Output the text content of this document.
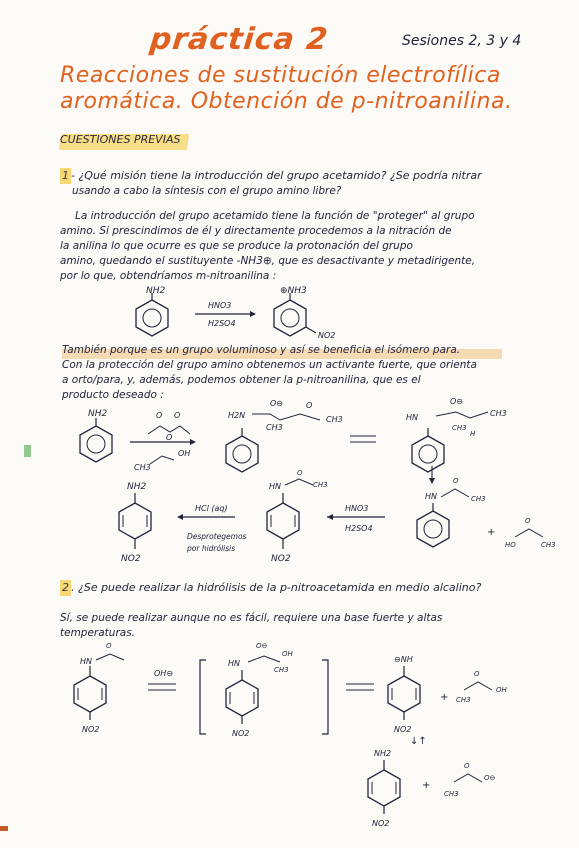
práctica 2	Sesiones 2, 3 y 4
Reacciones de sustitución electrofílica
aromática. Obtención de p-nitroanilina.
CUESTIONES PREVIAS
1 - ¿Qué misión tiene la introducción del grupo acetamido? ¿Se podría nitrar
usando a cabo la síntesis con el grupo amino libre?
La introducción del grupo acetamido tiene la función de "proteger" al grupo
amino. Si prescindimos de él y directamente procedemos a la nitración de
la anilina lo que ocurre es que se produce la protonación del grupo
amino, quedando el sustituyente -NH3⊕, que es desactivante y metadirigente,
por lo que, obtendríamos m-nitroanilina :
NH2
HNO3
H2SO4
⊕NH3
NO2
También porque es un grupo voluminoso y así se beneficia el isómero para.
Con la protección del grupo amino obtenemos un activante fuerte, que orienta
a orto/para, y, además, podemos obtener la p-nitroanilina, que es el
producto deseado :
NH2	O O
O
CH3
OH
H2N
O⊖	O
CH3
CH3
HN
O⊖
CH3
CH3
H
NH2
NO2
HCl (aq)
Desprotegemos
por hidrólisis
HN
O
CH3
NO2
HNO3
H2SO4
HN
O
CH3
+
O
HO	CH3
2 . ¿Se puede realizar la hidrólisis de la p-nitroacetamida en medio alcalino?
Sí, se puede realizar aunque no es fácil, requiere una base fuerte y altas
temperaturas.
HN
O
NO2
OH⊖
HN
O⊖
OH
CH3
NO2
⊖NH
NO2
+
O
CH3
OH
↓↑
NH2
NO2
+
O
CH3
O⊖
